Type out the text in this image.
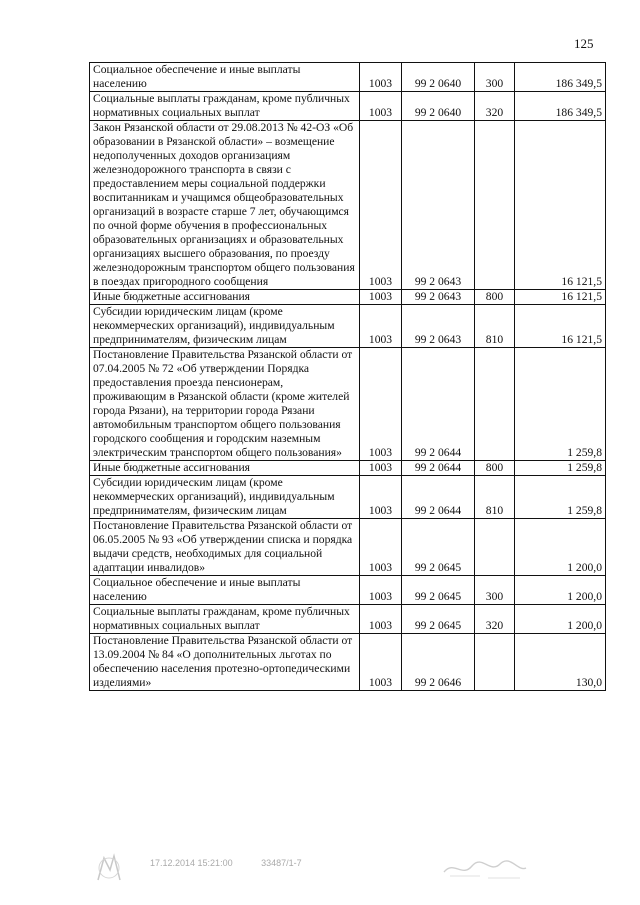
125
Социальное обеспечение и иные выплаты населению	1003	99 2 0640	300	186 349,5
Социальные выплаты гражданам, кроме публичных нормативных социальных выплат	1003	99 2 0640	320	186 349,5
Закон Рязанской области от 29.08.2013 № 42-ОЗ «Об образовании в Рязанской области» – возмещение недополученных доходов организациям железнодорожного транспорта в связи с предоставлением меры социальной поддержки воспитанникам и учащимся общеобразовательных организаций в возрасте старше 7 лет, обучающимся по очной форме обучения в профессиональных образовательных организациях и образовательных организациях высшего образования, по проезду железнодорожным транспортом общего пользования в поездах пригородного сообщения	1003	99 2 0643		16 121,5
Иные бюджетные ассигнования	1003	99 2 0643	800	16 121,5
Субсидии юридическим лицам (кроме некоммерческих организаций), индивидуальным предпринимателям, физическим лицам	1003	99 2 0643	810	16 121,5
Постановление Правительства Рязанской области от 07.04.2005 № 72 «Об утверждении Порядка предоставления проезда пенсионерам, проживающим в Рязанской области (кроме жителей города Рязани), на территории города Рязани автомобильным транспортом общего пользования городского сообщения и городским наземным электрическим транспортом общего пользования»	1003	99 2 0644		1 259,8
Иные бюджетные ассигнования	1003	99 2 0644	800	1 259,8
Субсидии юридическим лицам (кроме некоммерческих организаций), индивидуальным предпринимателям, физическим лицам	1003	99 2 0644	810	1 259,8
Постановление Правительства Рязанской области от 06.05.2005 № 93 «Об утверждении списка и порядка выдачи средств, необходимых для социальной адаптации инвалидов»	1003	99 2 0645		1 200,0
Социальное обеспечение и иные выплаты населению	1003	99 2 0645	300	1 200,0
Социальные выплаты гражданам, кроме публичных нормативных социальных выплат	1003	99 2 0645	320	1 200,0
Постановление Правительства Рязанской области от 13.09.2004 № 84 «О дополнительных льготах по обеспечению населения протезно-ортопедическими изделиями»	1003	99 2 0646		130,0
17.12.2014 15:21:00	33487/1-7
